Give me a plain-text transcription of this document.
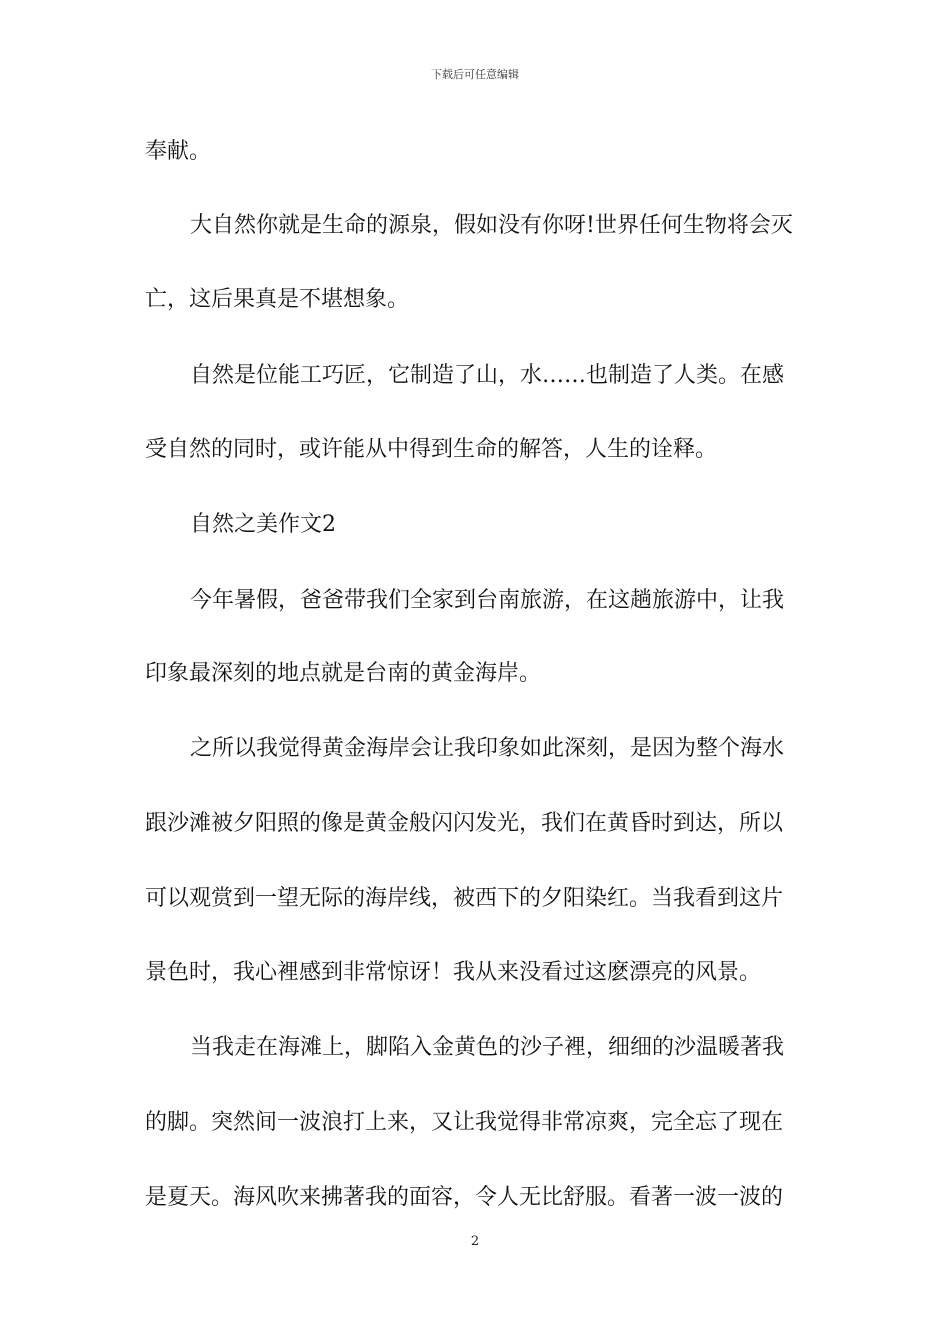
下载后可任意编辑
奉献。
大自然你就是生命的源泉，假如没有你呀!世界任何生物将会灭
亡，这后果真是不堪想象。
自然是位能工巧匠，它制造了山，水……也制造了人类。在感
受自然的同时，或许能从中得到生命的解答，人生的诠释。
自然之美作文2
今年暑假，爸爸带我们全家到台南旅游，在这趟旅游中，让我
印象最深刻的地点就是台南的黄金海岸。
之所以我觉得黄金海岸会让我印象如此深刻，是因为整个海水
跟沙滩被夕阳照的像是黄金般闪闪发光，我们在黄昏时到达，所以
可以观赏到一望无际的海岸线，被西下的夕阳染红。当我看到这片
景色时，我心裡感到非常惊讶！我从来没看过这麽漂亮的风景。
当我走在海滩上，脚陷入金黄色的沙子裡，细细的沙温暖著我
的脚。突然间一波浪打上来，又让我觉得非常凉爽，完全忘了现在
是夏天。海风吹来拂著我的面容，令人无比舒服。看著一波一波的
2
